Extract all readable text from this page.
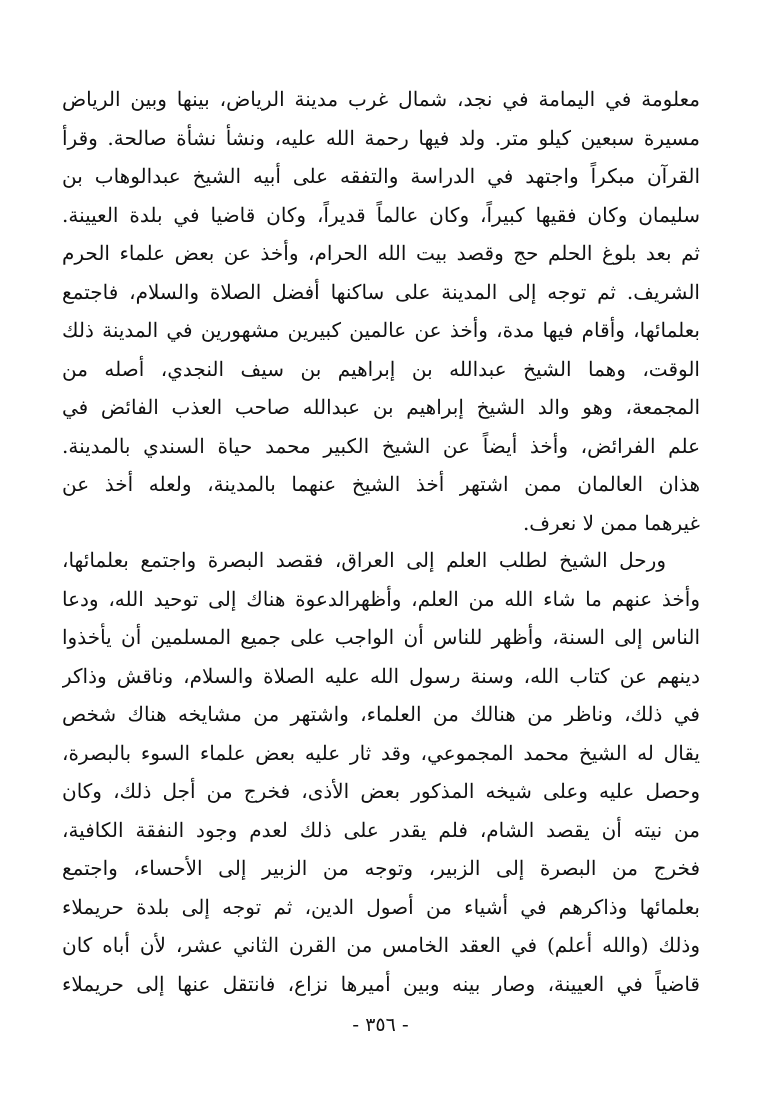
معلومة في اليمامة في نجد، شمال غرب مدينة الرياض، بينها وبين الرياض
مسيرة سبعين كيلو متر. ولد فيها رحمة الله عليه، ونشأ نشأة صالحة. وقرأ
القرآن مبكراً واجتهد في الدراسة والتفقه على أبيه الشيخ عبدالوهاب بن
سليمان وكان فقيها كبيراً، وكان عالماً قديراً، وكان قاضيا في بلدة العيينة.
ثم بعد بلوغ الحلم حج وقصد بيت الله الحرام، وأخذ عن بعض علماء الحرم
الشريف. ثم توجه إلى المدينة على ساكنها أفضل الصلاة والسلام، فاجتمع
بعلمائها، وأقام فيها مدة، وأخذ عن عالمين كبيرين مشهورين في المدينة ذلك
الوقت، وهما الشيخ عبدالله بن إبراهيم بن سيف النجدي، أصله من
المجمعة، وهو والد الشيخ إبراهيم بن عبدالله صاحب العذب الفائض في
علم الفرائض، وأخذ أيضاً عن الشيخ الكبير محمد حياة السندي بالمدينة.
هذان العالمان ممن اشتهر أخذ الشيخ عنهما بالمدينة، ولعله أخذ عن
غيرهما ممن لا نعرف.
ورحل الشيخ لطلب العلم إلى العراق، فقصد البصرة واجتمع بعلمائها،
وأخذ عنهم ما شاء الله من العلم، وأظهرالدعوة هناك إلى توحيد الله، ودعا
الناس إلى السنة، وأظهر للناس أن الواجب على جميع المسلمين أن يأخذوا
دينهم عن كتاب الله، وسنة رسول الله عليه الصلاة والسلام، وناقش وذاكر
في ذلك، وناظر من هنالك من العلماء، واشتهر من مشايخه هناك شخص
يقال له الشيخ محمد المجموعي، وقد ثار عليه بعض علماء السوء بالبصرة،
وحصل عليه وعلى شيخه المذكور بعض الأذى، فخرج من أجل ذلك، وكان
من نيته أن يقصد الشام، فلم يقدر على ذلك لعدم وجود النفقة الكافية،
فخرج من البصرة إلى الزبير، وتوجه من الزبير إلى الأحساء، واجتمع
بعلمائها وذاكرهم في أشياء من أصول الدين، ثم توجه إلى بلدة حريملاء
وذلك (والله أعلم) في العقد الخامس من القرن الثاني عشر، لأن أباه كان
قاضياً في العيينة، وصار بينه وبين أميرها نزاع، فانتقل عنها إلى حريملاء
- ٣٥٦ -
